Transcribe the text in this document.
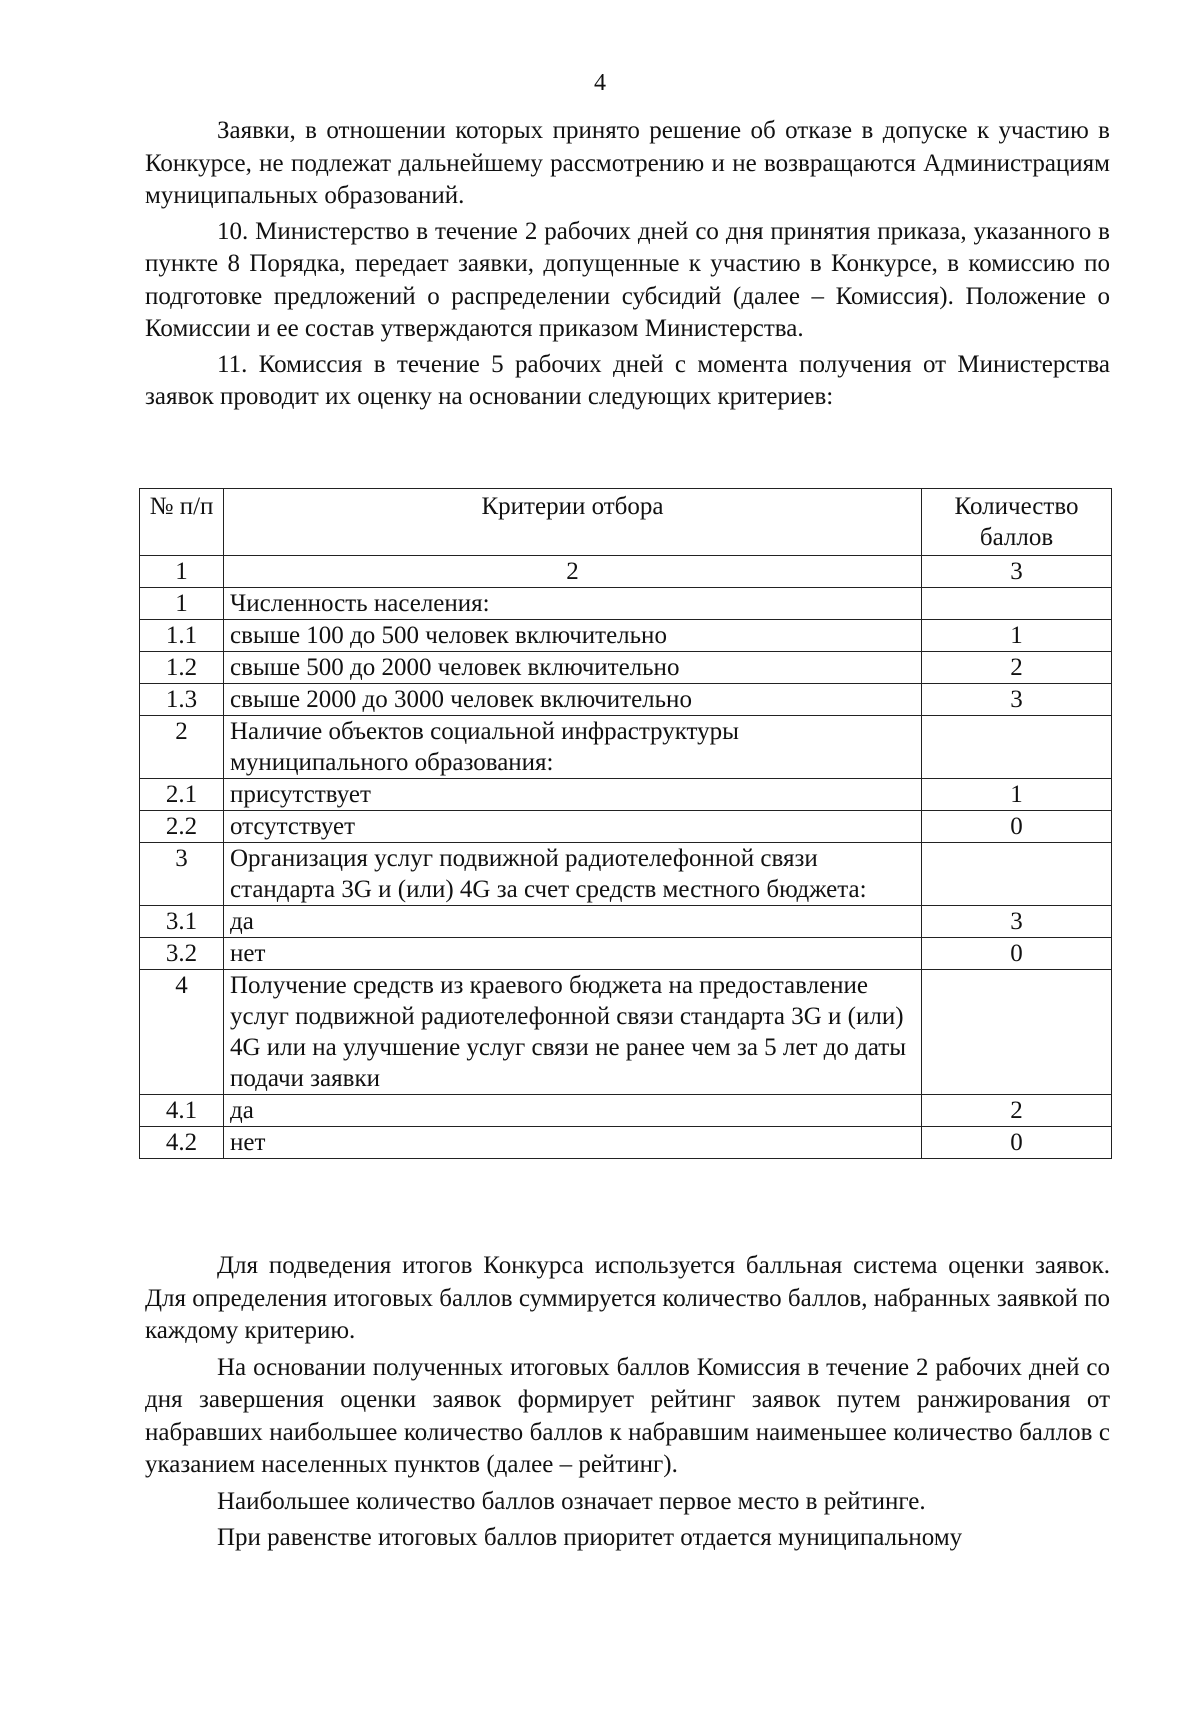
4

Заявки, в отношении которых принято решение об отказе в допуске к участию в Конкурсе, не подлежат дальнейшему рассмотрению и не возвращаются Администрациям муниципальных образований.

10. Министерство в течение 2 рабочих дней со дня принятия приказа, указанного в пункте 8 Порядка, передает заявки, допущенные к участию в Конкурсе, в комиссию по подготовке предложений о распределении субсидий (далее – Комиссия). Положение о Комиссии и ее состав утверждаются приказом Министерства.

11. Комиссия в течение 5 рабочих дней с момента получения от Министерства заявок проводит их оценку на основании следующих критериев:

№ п/п	Критерии отбора	Количество баллов
1	2	3
1	Численность населения:	
1.1	свыше 100 до 500 человек включительно	1
1.2	свыше 500 до 2000 человек включительно	2
1.3	свыше 2000 до 3000 человек включительно	3
2	Наличие объектов социальной инфраструктуры муниципального образования:	
2.1	присутствует	1
2.2	отсутствует	0
3	Организация услуг подвижной радиотелефонной связи стандарта 3G и (или) 4G за счет средств местного бюджета:	
3.1	да	3
3.2	нет	0
4	Получение средств из краевого бюджета на предоставление услуг подвижной радиотелефонной связи стандарта 3G и (или) 4G или на улучшение услуг связи не ранее чем за 5 лет до даты подачи заявки	
4.1	да	2
4.2	нет	0

Для подведения итогов Конкурса используется балльная система оценки заявок. Для определения итоговых баллов суммируется количество баллов, набранных заявкой по каждому критерию.

На основании полученных итоговых баллов Комиссия в течение 2 рабочих дней со дня завершения оценки заявок формирует рейтинг заявок путем ранжирования от набравших наибольшее количество баллов к набравшим наименьшее количество баллов с указанием населенных пунктов (далее – рейтинг).

Наибольшее количество баллов означает первое место в рейтинге.

При равенстве итоговых баллов приоритет отдается муниципальному
